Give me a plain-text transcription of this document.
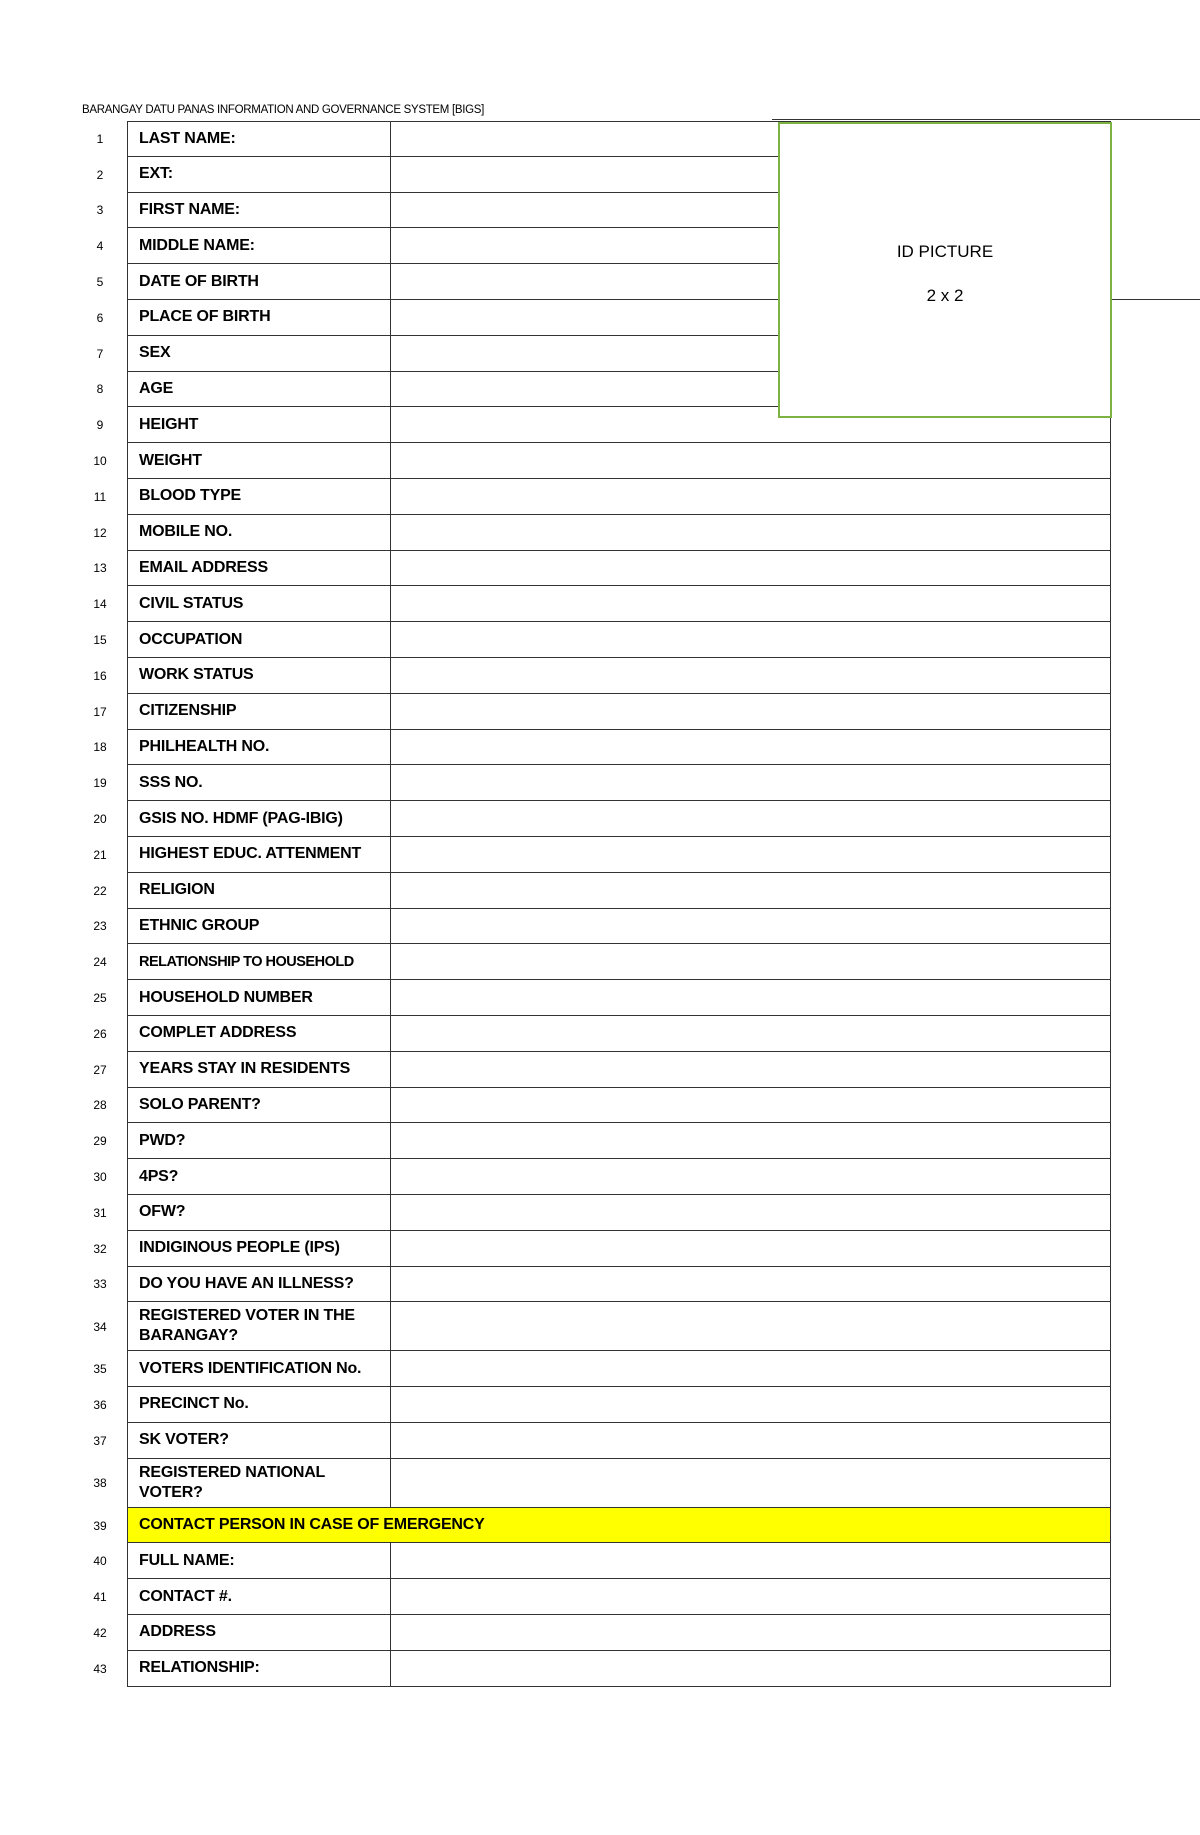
BARANGAY DATU PANAS INFORMATION AND GOVERNANCE SYSTEM [BIGS]
1	LAST NAME:
2	EXT:
3	FIRST NAME:
4	MIDDLE NAME:
5	DATE OF BIRTH
6	PLACE OF BIRTH
7	SEX
8	AGE
9	HEIGHT
10	WEIGHT
11	BLOOD TYPE
12	MOBILE NO.
13	EMAIL ADDRESS
14	CIVIL STATUS
15	OCCUPATION
16	WORK STATUS
17	CITIZENSHIP
18	PHILHEALTH NO.
19	SSS NO.
20	GSIS NO. HDMF (PAG-IBIG)
21	HIGHEST EDUC. ATTENMENT
22	RELIGION
23	ETHNIC GROUP
24	RELATIONSHIP TO HOUSEHOLD
25	HOUSEHOLD NUMBER
26	COMPLET ADDRESS
27	YEARS STAY IN RESIDENTS
28	SOLO PARENT?
29	PWD?
30	4PS?
31	OFW?
32	INDIGINOUS PEOPLE (IPS)
33	DO YOU HAVE AN ILLNESS?
34
REGISTERED VOTER IN THE BARANGAY?
35	VOTERS IDENTIFICATION No.
36	PRECINCT No.
37	SK VOTER?
38
REGISTERED NATIONAL VOTER?
39	CONTACT PERSON IN CASE OF EMERGENCY
40	FULL NAME:
41	CONTACT #.
42	ADDRESS
43	RELATIONSHIP:
ID PICTURE
2 x 2
